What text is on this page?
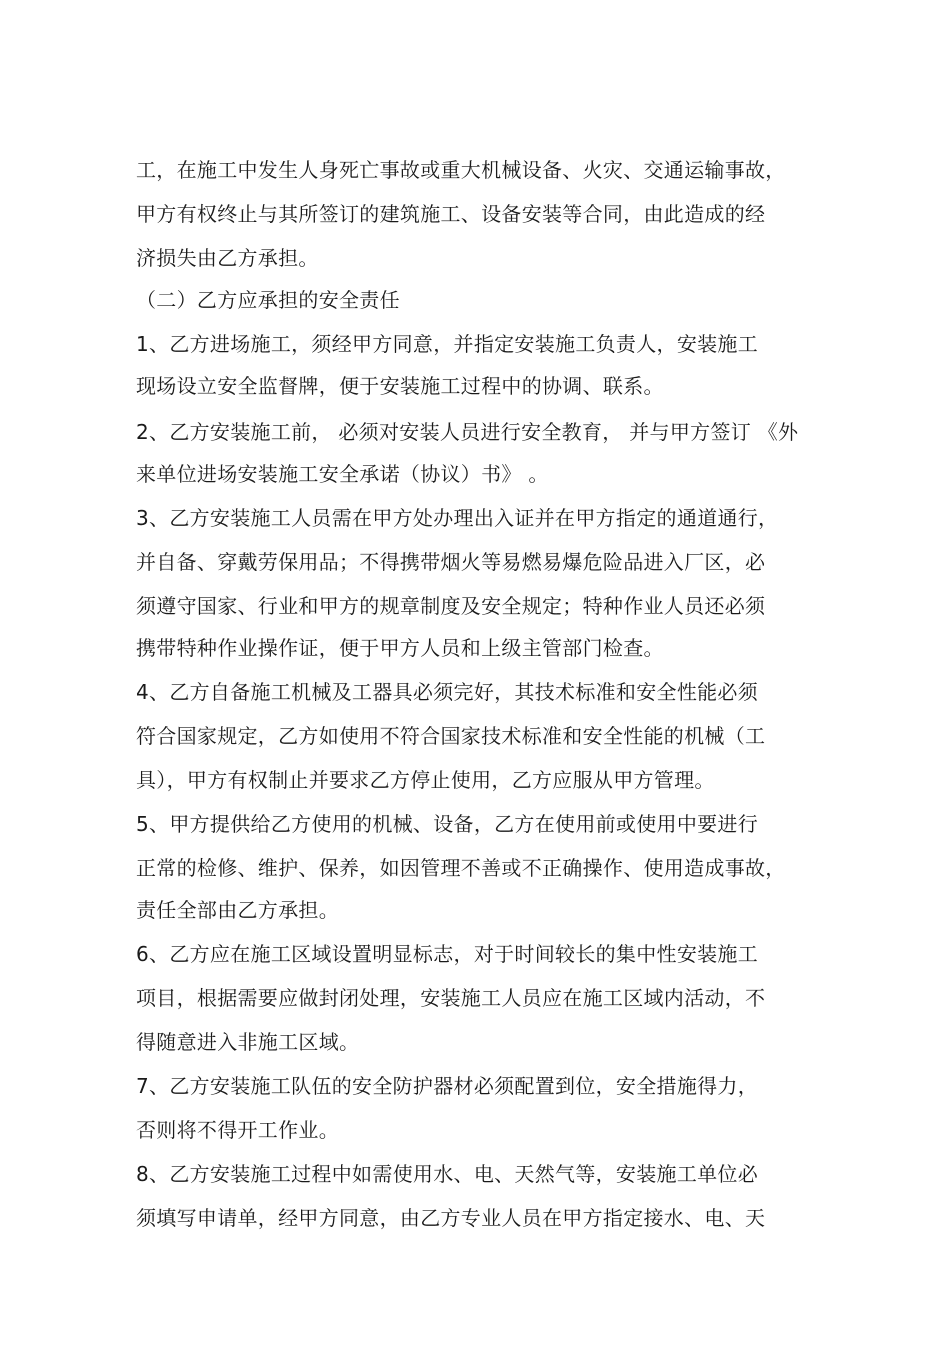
工，在施工中发生人身死亡事故或重大机械设备、火灾、交通运输事故，
甲方有权终止与其所签订的建筑施工、设备安装等合同，由此造成的经
济损失由乙方承担。
（二）乙方应承担的安全责任
1、乙方进场施工，须经甲方同意，并指定安装施工负责人，安装施工
现场设立安全监督牌，便于安装施工过程中的协调、联系。
2、乙方安装施工前， 必须对安装人员进行安全教育， 并与甲方签订 《外
来单位进场安装施工安全承诺（协议）书》 。
3、乙方安装施工人员需在甲方处办理出入证并在甲方指定的通道通行，
并自备、穿戴劳保用品；不得携带烟火等易燃易爆危险品进入厂区，必
须遵守国家、行业和甲方的规章制度及安全规定；特种作业人员还必须
携带特种作业操作证，便于甲方人员和上级主管部门检查。
4、乙方自备施工机械及工器具必须完好，其技术标准和安全性能必须
符合国家规定，乙方如使用不符合国家技术标准和安全性能的机械（工
具），甲方有权制止并要求乙方停止使用，乙方应服从甲方管理。
5、甲方提供给乙方使用的机械、设备，乙方在使用前或使用中要进行
正常的检修、维护、保养，如因管理不善或不正确操作、使用造成事故，
责任全部由乙方承担。
6、乙方应在施工区域设置明显标志，对于时间较长的集中性安装施工
项目，根据需要应做封闭处理，安装施工人员应在施工区域内活动，不
得随意进入非施工区域。
7、乙方安装施工队伍的安全防护器材必须配置到位，安全措施得力，
否则将不得开工作业。
8、乙方安装施工过程中如需使用水、电、天然气等，安装施工单位必
须填写申请单，经甲方同意，由乙方专业人员在甲方指定接水、电、天
